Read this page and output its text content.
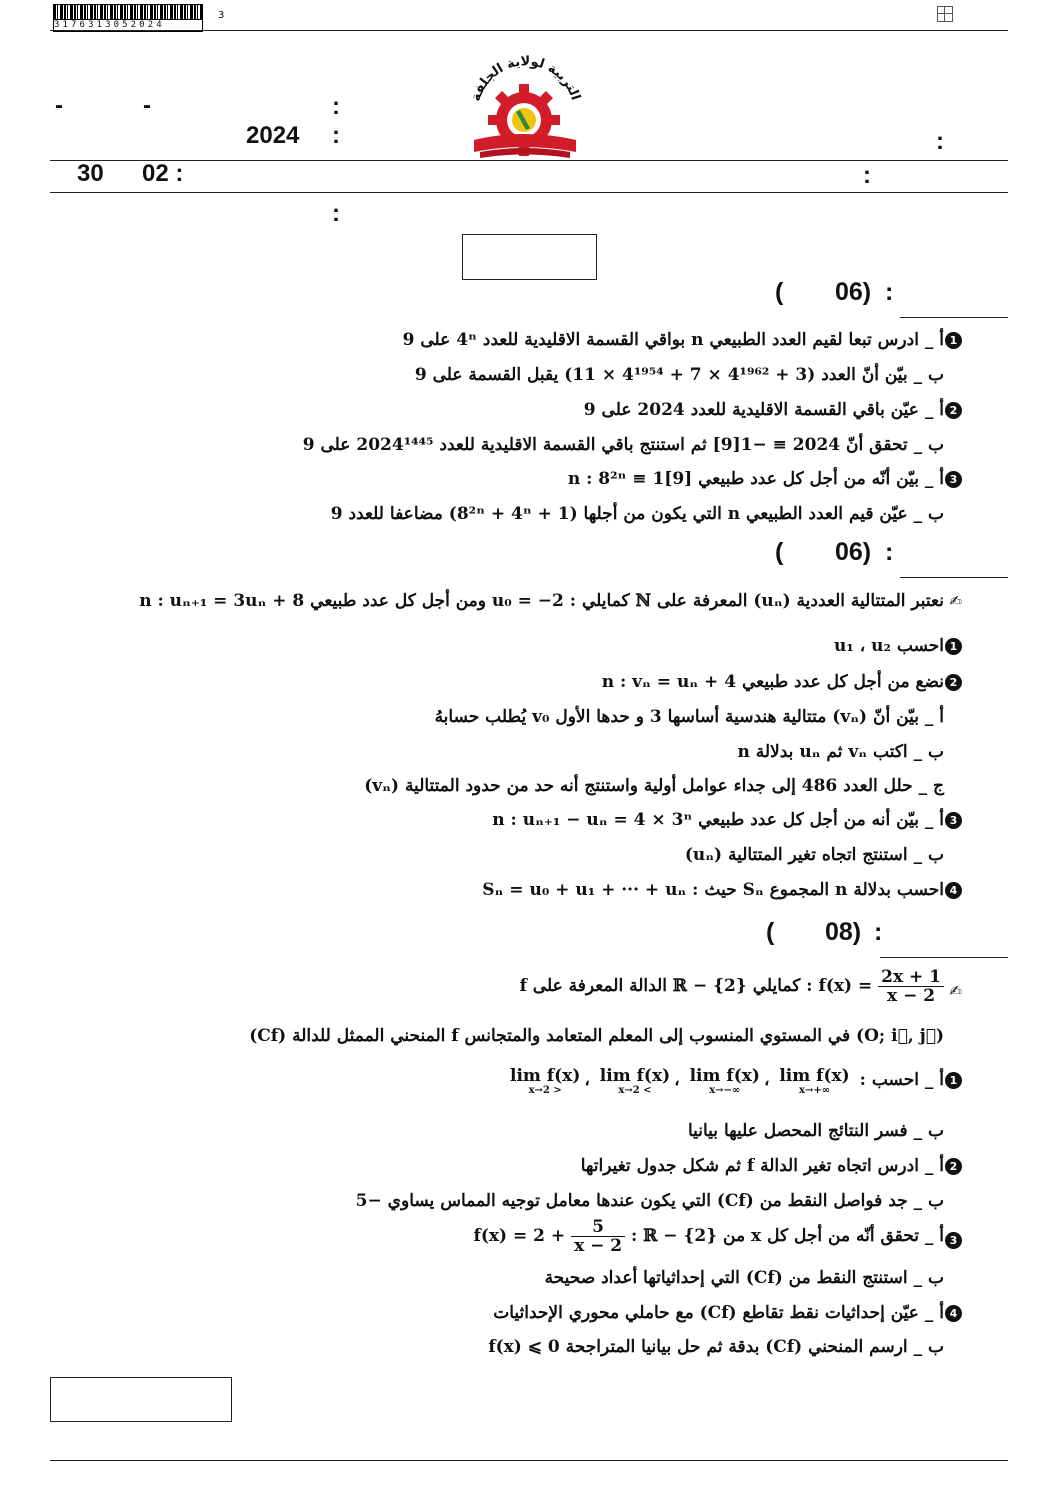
3176313052024
3
-	-	:
2024 :	:
التربية لولاية الجلفة
30 02 :	:
:
( 06) :
1
أ _ ادرس تبعا لقيم العدد الطبيعي n بواقي القسمة الاقليدية للعدد 4ⁿ على 9
ب _ بيّن أنّ العدد (3 + 4¹⁹⁶² × 7 + 4¹⁹⁵⁴ × 11) يقبل القسمة على 9
2
أ _ عيّن باقي القسمة الاقليدية للعدد 2024 على 9
ب _ تحقق أنّ 2024 ≡ −1[9] ثم استنتج باقي القسمة الاقليدية للعدد 2024¹⁴⁴⁵ على 9
3
أ _ بيّن أنّه من أجل كل عدد طبيعي n : 8²ⁿ ≡ 1[9]
ب _ عيّن قيم العدد الطبيعي n التي يكون من أجلها (8²ⁿ + 4ⁿ + 1) مضاعفا للعدد 9
( 06) :
✍
نعتبر المتتالية العددية (uₙ) المعرفة على ℕ كمايلي : u₀ = −2 ومن أجل كل عدد طبيعي n : uₙ₊₁ = 3uₙ + 8
1
احسب u₁ ، u₂
2
نضع من أجل كل عدد طبيعي n : vₙ = uₙ + 4
أ _ بيّن أنّ (vₙ) متتالية هندسية أساسها 3 و حدها الأول v₀ يُطلب حسابهُ
ب _ اكتب vₙ ثم uₙ بدلالة n
ج _ حلل العدد 486 إلى جداء عوامل أولية واستنتج أنه حد من حدود المتتالية (vₙ)
3
أ _ بيّن أنه من أجل كل عدد طبيعي n : uₙ₊₁ − uₙ = 4 × 3ⁿ
ب _ استنتج اتجاه تغير المتتالية (uₙ)
4
احسب بدلالة n المجموع Sₙ حيث : Sₙ = u₀ + u₁ + ··· + uₙ
( 08) :
✍
f الدالة المعرفة على ℝ − {2} كمايلي : $f(x) = \frac{2x + 1}{x - 2}$
(Cf) المنحني الممثل للدالة f في المستوي المنسوب إلى المعلم المتعامد والمتجانس (O; i⃗, j⃗)
1
أ _ احسب : lim f(x)
x→2 >
، lim f(x)
x→2 <
، lim f(x)
x→−∞
، lim f(x)
x→+∞
ب _ فسر النتائج المحصل عليها بيانيا
2
أ _ ادرس اتجاه تغير الدالة f ثم شكل جدول تغيراتها
ب _ جد فواصل النقط من (Cf) التي يكون عندها معامل توجيه المماس يساوي −5
3
أ _ تحقق أنّه من أجل كل x من ℝ − {2} : $f(x) = 2 + \frac{5}{x - 2}$
ب _ استنتج النقط من (Cf) التي إحداثياتها أعداد صحيحة
4
أ _ عيّن إحداثيات نقط تقاطع (Cf) مع حاملي محوري الإحداثيات
ب _ ارسم المنحني (Cf) بدقة ثم حل بيانيا المتراجحة f(x) ⩽ 0
